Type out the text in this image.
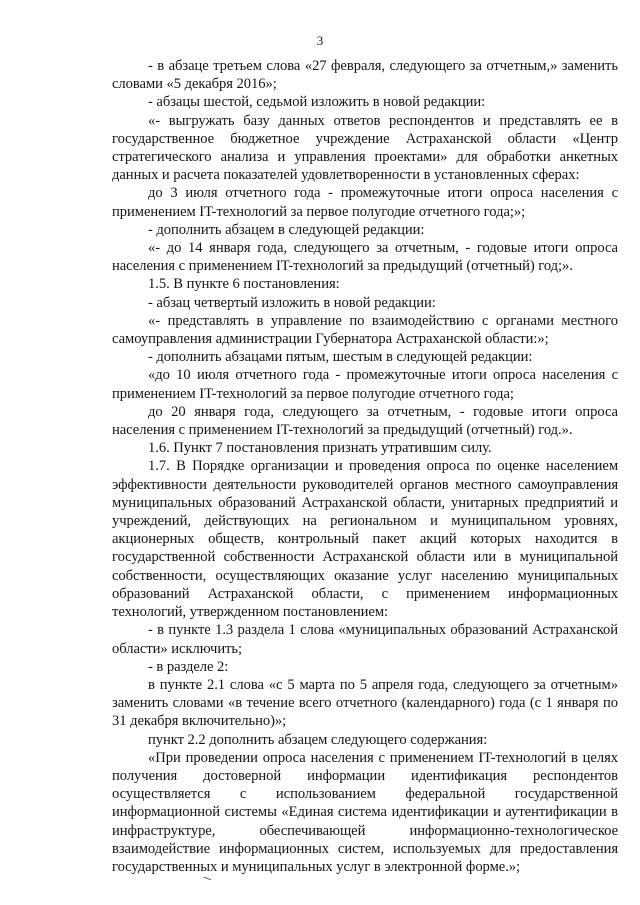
3

- в абзаце третьем слова «27 февраля, следующего за отчетным,» заменить словами «5 декабря 2016»;

- абзацы шестой, седьмой изложить в новой редакции:

«- выгружать базу данных ответов респондентов и представлять ее в государственное бюджетное учреждение Астраханской области «Центр стратегического анализа и управления проектами» для обработки анкетных данных и расчета показателей удовлетворенности в установленных сферах:

до 3 июля отчетного года - промежуточные итоги опроса населения с применением IT-технологий за первое полугодие отчетного года;»;

- дополнить абзацем в следующей редакции:

«- до 14 января года, следующего за отчетным, - годовые итоги опроса населения с применением IT-технологий за предыдущий (отчетный) год;».

1.5. В пункте 6 постановления:

- абзац четвертый изложить в новой редакции:

«- представлять в управление по взаимодействию с органами местного самоуправления администрации Губернатора Астраханской области:»;

- дополнить абзацами пятым, шестым в следующей редакции:

«до 10 июля отчетного года - промежуточные итоги опроса населения с применением IT-технологий за первое полугодие отчетного года;

до 20 января года, следующего за отчетным, - годовые итоги опроса населения с применением IT-технологий за предыдущий (отчетный) год.».

1.6. Пункт 7 постановления признать утратившим силу.

1.7. В Порядке организации и проведения опроса по оценке населением эффективности деятельности руководителей органов местного самоуправления муниципальных образований Астраханской области, унитарных предприятий и учреждений, действующих на региональном и муниципальном уровнях, акционерных обществ, контрольный пакет акций которых находится в государственной собственности Астраханской области или в муниципальной собственности, осуществляющих оказание услуг населению муниципальных образований Астраханской области, с применением информационных технологий, утвержденном постановлением:

- в пункте 1.3 раздела 1 слова «муниципальных образований Астраханской области» исключить;

- в разделе 2:

в пункте 2.1 слова «с 5 марта по 5 апреля года, следующего за отчетным» заменить словами «в течение всего отчетного (календарного) года (с 1 января по 31 декабря включительно)»;

пункт 2.2 дополнить абзацем следующего содержания:

«При проведении опроса населения с применением IT-технологий в целях получения достоверной информации идентификация респондентов осуществляется с использованием федеральной государственной информационной системы «Единая система идентификации и аутентификации в инфраструктуре, обеспечивающей информационно-технологическое взаимодействие информационных систем, используемых для предоставления государственных и муниципальных услуг в электронной форме.»;
